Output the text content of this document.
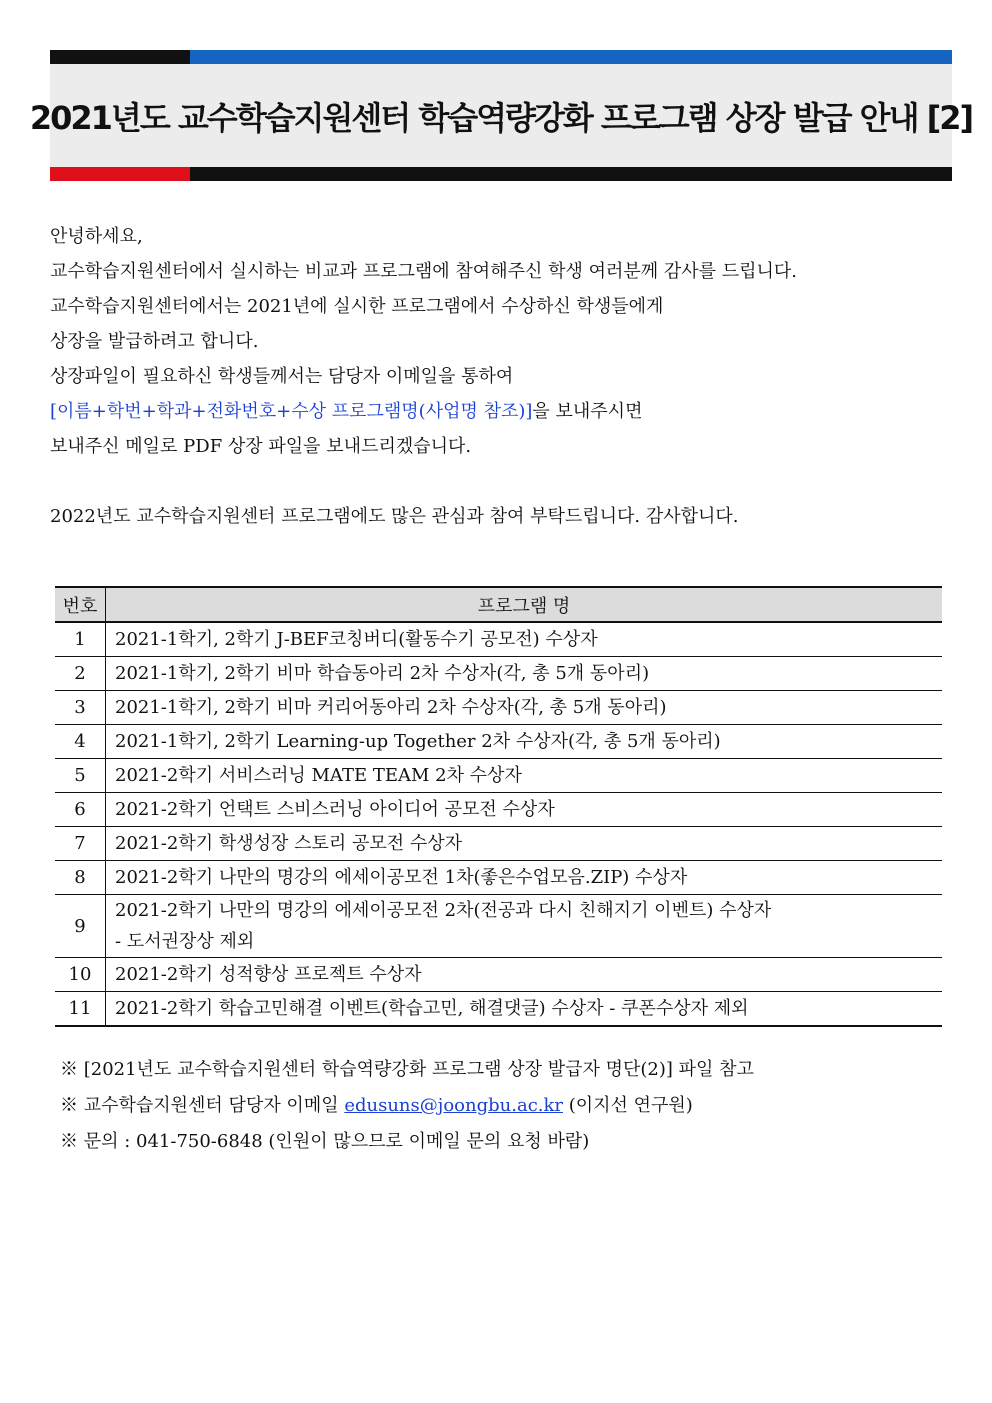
2021년도 교수학습지원센터 학습역량강화 프로그램 상장 발급 안내 [2]
안녕하세요,
교수학습지원센터에서 실시하는 비교과 프로그램에 참여해주신 학생 여러분께 감사를 드립니다.
교수학습지원센터에서는 2021년에 실시한 프로그램에서 수상하신 학생들에게
상장을 발급하려고 합니다.
상장파일이 필요하신 학생들께서는 담당자 이메일을 통하여
[이름+학번+학과+전화번호+수상 프로그램명(사업명 참조)]을 보내주시면
보내주신 메일로 PDF 상장 파일을 보내드리겠습니다.
2022년도 교수학습지원센터 프로그램에도 많은 관심과 참여 부탁드립니다. 감사합니다.
번호	프로그램 명
1	2021-1학기, 2학기 J-BEF코칭버디(활동수기 공모전) 수상자
2	2021-1학기, 2학기 비마 학습동아리 2차 수상자(각, 총 5개 동아리)
3	2021-1학기, 2학기 비마 커리어동아리 2차 수상자(각, 총 5개 동아리)
4	2021-1학기, 2학기 Learning-up Together 2차 수상자(각, 총 5개 동아리)
5	2021-2학기 서비스러닝 MATE TEAM 2차 수상자
6	2021-2학기 언택트 스비스러닝 아이디어 공모전 수상자
7	2021-2학기 학생성장 스토리 공모전 수상자
8	2021-2학기 나만의 명강의 에세이공모전 1차(좋은수업모음.ZIP) 수상자
9	2021-2학기 나만의 명강의 에세이공모전 2차(전공과 다시 친해지기 이벤트) 수상자
- 도서권장상 제외

10	2021-2학기 성적향상 프로젝트 수상자
11	2021-2학기 학습고민해결 이벤트(학습고민, 해결댓글) 수상자 - 쿠폰수상자 제외
※ [2021년도 교수학습지원센터 학습역량강화 프로그램 상장 발급자 명단(2)] 파일 참고
※ 교수학습지원센터 담당자 이메일 edusuns@joongbu.ac.kr (이지선 연구원)
※ 문의 : 041-750-6848 (인원이 많으므로 이메일 문의 요청 바람)
